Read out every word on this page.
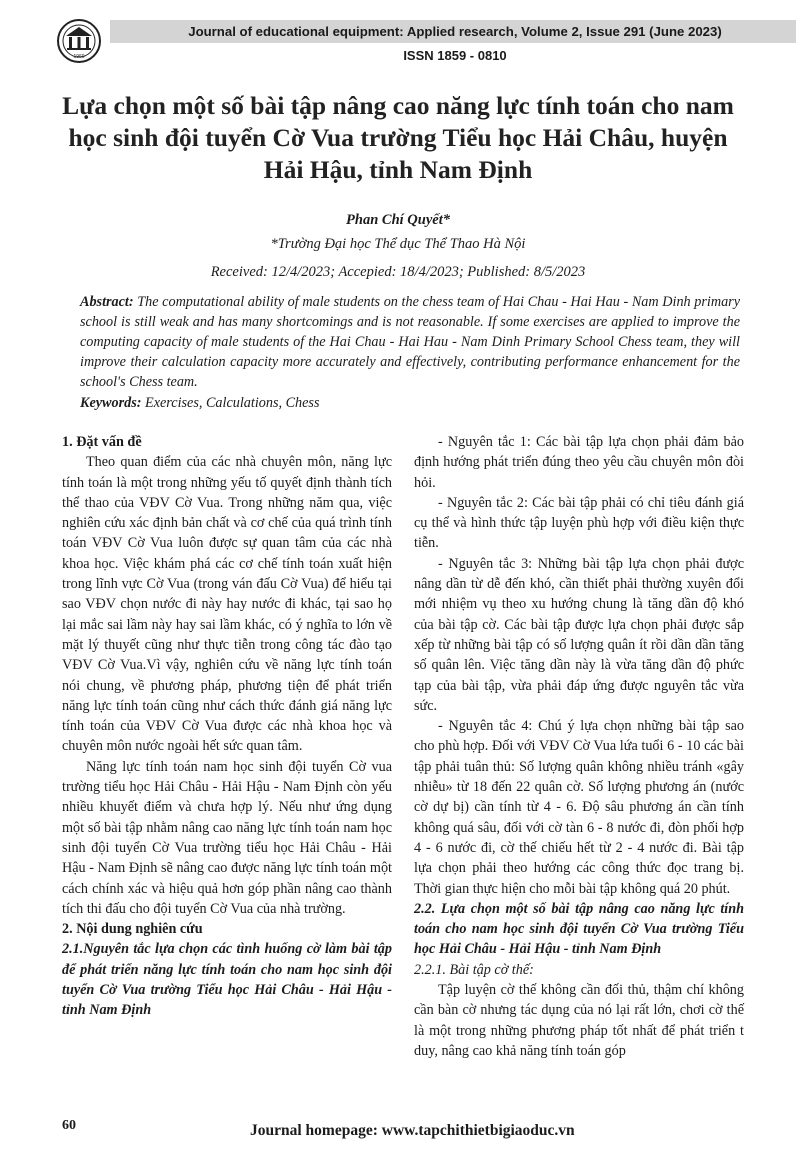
1960
Journal of educational equipment: Applied research, Volume 2, Issue 291 (June 2023)
ISSN 1859 - 0810
Lựa chọn một số bài tập nâng cao năng lực tính toán cho nam học sinh đội tuyển Cờ Vua trường Tiểu học Hải Châu, huyện Hải Hậu, tỉnh Nam Định
Phan Chí Quyết*
*Trường Đại học Thể dục Thể Thao Hà Nội
Received: 12/4/2023; Accepied: 18/4/2023; Published: 8/5/2023

Abstract: The computational ability of male students on the chess team of Hai Chau - Hai Hau - Nam Dinh primary school is still weak and has many shortcomings and is not reasonable. If some exercises are applied to improve the computing capacity of male students of the Hai Chau - Hai Hau - Nam Dinh Primary School Chess team, they will improve their calculation capacity more accurately and effectively, contributing performance enhancement for the school's Chess team.

Keywords: Exercises, Calculations, Chess

1. Đặt vấn đề

Theo quan điểm của các nhà chuyên môn, năng lực tính toán là một trong những yếu tố quyết định thành tích thể thao của VĐV Cờ Vua. Trong những năm qua, việc nghiên cứu xác định bản chất và cơ chế của quá trình tính toán VĐV Cờ Vua luôn được sự quan tâm của các nhà khoa học. Việc khám phá các cơ chế tính toán xuất hiện trong lĩnh vực Cờ Vua (trong ván đấu Cờ Vua) để hiểu tại sao VĐV chọn nước đi này hay nước đi khác, tại sao họ lại mắc sai lầm này hay sai lầm khác, có ý nghĩa to lớn về mặt lý thuyết cũng như thực tiễn trong công tác đào tạo VĐV Cờ Vua.Vì vậy, nghiên cứu về năng lực tính toán nói chung, về phương pháp, phương tiện để phát triển năng lực tính toán cũng như cách thức đánh giá năng lực tính toán của VĐV Cờ Vua được các nhà khoa học và chuyên môn nước ngoài hết sức quan tâm.

Năng lực tính toán nam học sinh đội tuyển Cờ vua trường tiểu học Hải Châu - Hải Hậu - Nam Định còn yếu nhiều khuyết điểm và chưa hợp lý. Nếu như ứng dụng một số bài tập nhằm nâng cao năng lực tính toán nam học sinh đội tuyển Cờ Vua trường tiểu học Hải Châu - Hải Hậu - Nam Định sẽ nâng cao được năng lực tính toán một cách chính xác và hiệu quả hơn góp phần nâng cao thành tích thi đấu cho đội tuyển Cờ Vua của nhà trường.

2. Nội dung nghiên cứu
2.1.Nguyên tắc lựa chọn các tình huống cờ làm bài tập để phát triển năng lực tính toán cho nam học sinh đội tuyển Cờ Vua trường Tiểu học Hải Châu - Hải Hậu - tỉnh Nam Định

- Nguyên tắc 1: Các bài tập lựa chọn phải đảm bảo định hướng phát triển đúng theo yêu cầu chuyên môn đòi hỏi.

- Nguyên tắc 2: Các bài tập phải có chỉ tiêu đánh giá cụ thể và hình thức tập luyện phù hợp với điều kiện thực tiễn.

- Nguyên tắc 3: Những bài tập lựa chọn phải được nâng dần từ dễ đến khó, cần thiết phải thường xuyên đổi mới nhiệm vụ theo xu hướng chung là tăng dần độ khó của bài tập cờ. Các bài tập được lựa chọn phải được sắp xếp từ những bài tập có số lượng quân ít rồi dần dần tăng số quân lên. Việc tăng dần này là vừa tăng dần độ phức tạp của bài tập, vừa phải đáp ứng được nguyên tắc vừa sức.

- Nguyên tắc 4: Chú ý lựa chọn những bài tập sao cho phù hợp. Đối với VĐV Cờ Vua lứa tuổi 6 - 10 các bài tập phải tuân thủ: Số lượng quân không nhiều tránh «gây nhiễu» từ 18 đến 22 quân cờ. Số lượng phương án (nước cờ dự bị) cần tính từ 4 - 6. Độ sâu phương án cần tính không quá sâu, đối với cờ tàn 6 - 8 nước đi, đòn phối hợp 4 - 6 nước đi, cờ thế chiếu hết từ 2 - 4 nước đi. Bài tập lựa chọn phải theo hướng các công thức đọc trang bị. Thời gian thực hiện cho mỗi bài tập không quá 20 phút.

2.2. Lựa chọn một số bài tập nâng cao năng lực tính toán cho nam học sinh đội tuyển Cờ Vua trường Tiểu học Hải Châu - Hải Hậu - tỉnh Nam Định
2.2.1. Bài tập cờ thế:

Tập luyện cờ thế không cần đối thủ, thậm chí không cần bàn cờ nhưng tác dụng của nó lại rất lớn, chơi cờ thế là một trong những phương pháp tốt nhất để phát triển t duy, nâng cao khả năng tính toán góp

60	Journal homepage: www.tapchithietbigiaoduc.vn
